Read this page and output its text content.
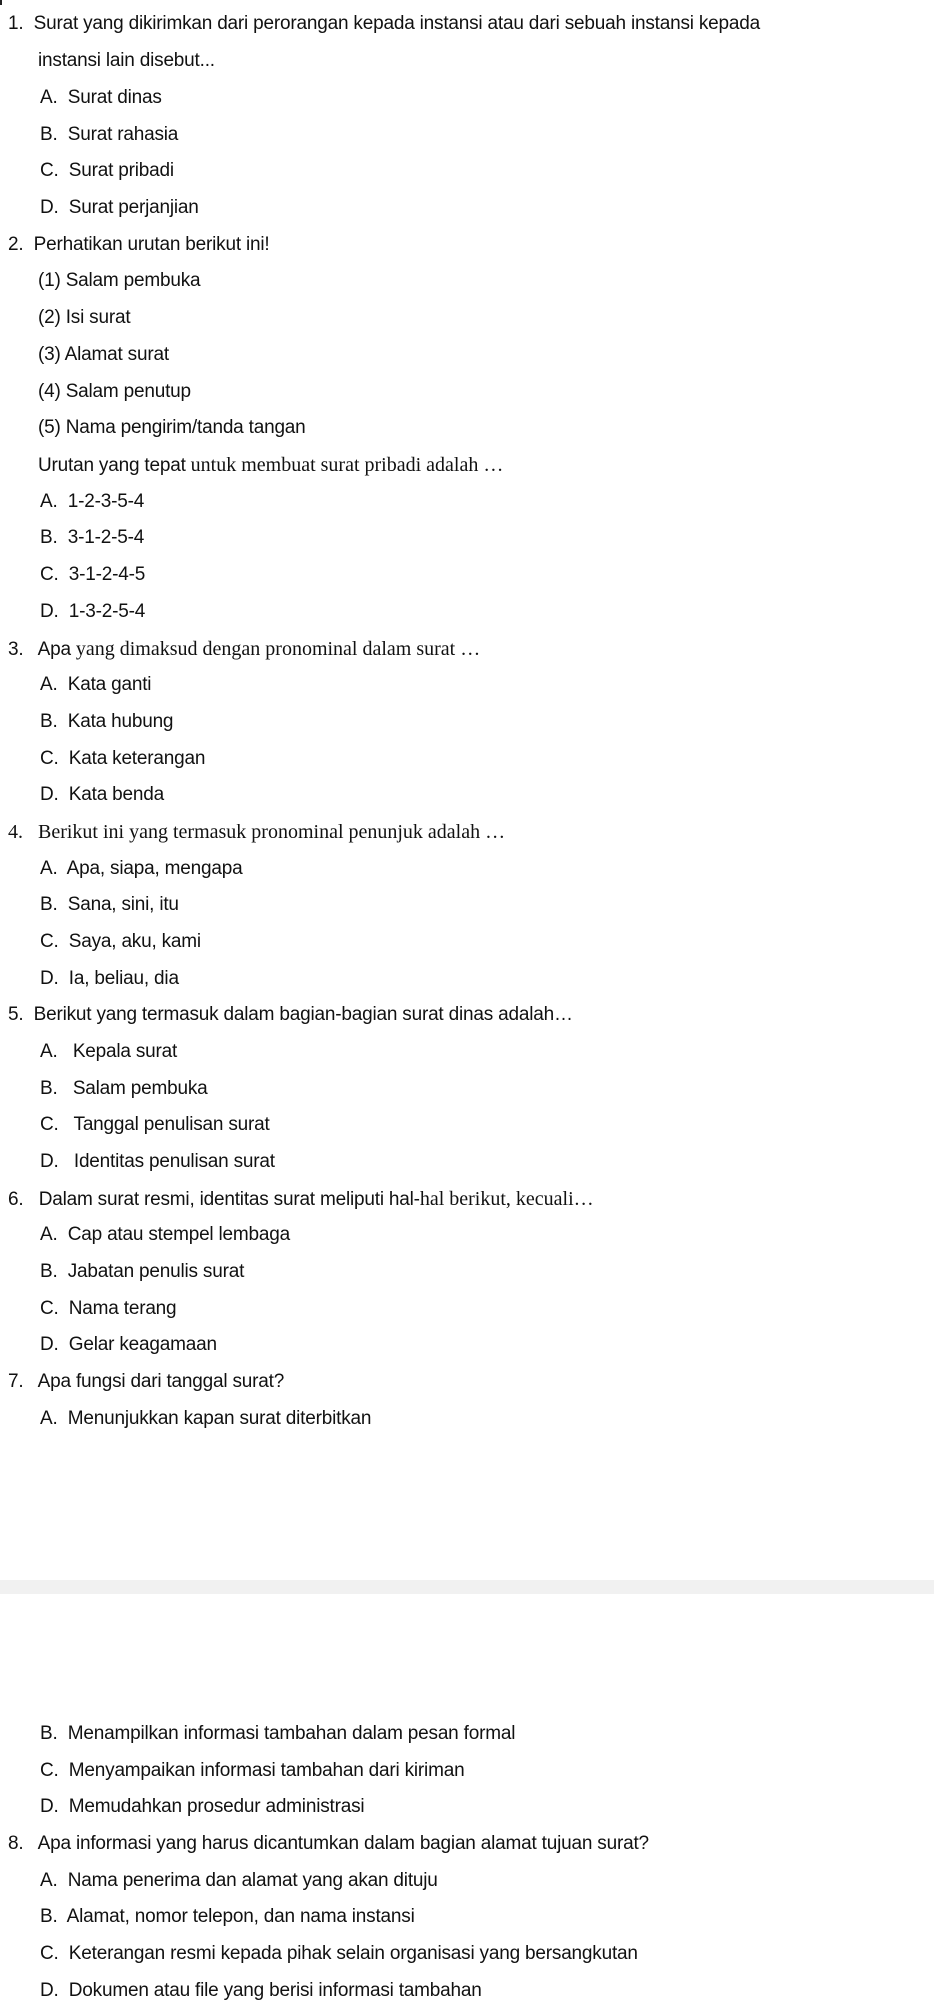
1. Surat yang dikirimkan dari perorangan kepada instansi atau dari sebuah instansi kepada
instansi lain disebut...
A. Surat dinas
B. Surat rahasia
C. Surat pribadi
D. Surat perjanjian
2. Perhatikan urutan berikut ini!
(1) Salam pembuka
(2) Isi surat
(3) Alamat surat
(4) Salam penutup
(5) Nama pengirim/tanda tangan
Urutan yang tepat untuk membuat surat pribadi adalah …
A. 1-2-3-5-4
B. 3-1-2-5-4
C. 3-1-2-4-5
D. 1-3-2-5-4
3. Apa yang dimaksud dengan pronominal dalam surat …
A. Kata ganti
B. Kata hubung
C. Kata keterangan
D. Kata benda
4. Berikut ini yang termasuk pronominal penunjuk adalah …
A. Apa, siapa, mengapa
B. Sana, sini, itu
C. Saya, aku, kami
D. Ia, beliau, dia
5. Berikut yang termasuk dalam bagian-bagian surat dinas adalah…
A. Kepala surat
B. Salam pembuka
C. Tanggal penulisan surat
D. Identitas penulisan surat
6. Dalam surat resmi, identitas surat meliputi hal-hal berikut, kecuali…
A. Cap atau stempel lembaga
B. Jabatan penulis surat
C. Nama terang
D. Gelar keagamaan
7. Apa fungsi dari tanggal surat?
A. Menunjukkan kapan surat diterbitkan
B. Menampilkan informasi tambahan dalam pesan formal
C. Menyampaikan informasi tambahan dari kiriman
D. Memudahkan prosedur administrasi
8. Apa informasi yang harus dicantumkan dalam bagian alamat tujuan surat?
A. Nama penerima dan alamat yang akan dituju
B. Alamat, nomor telepon, dan nama instansi
C. Keterangan resmi kepada pihak selain organisasi yang bersangkutan
D. Dokumen atau file yang berisi informasi tambahan
